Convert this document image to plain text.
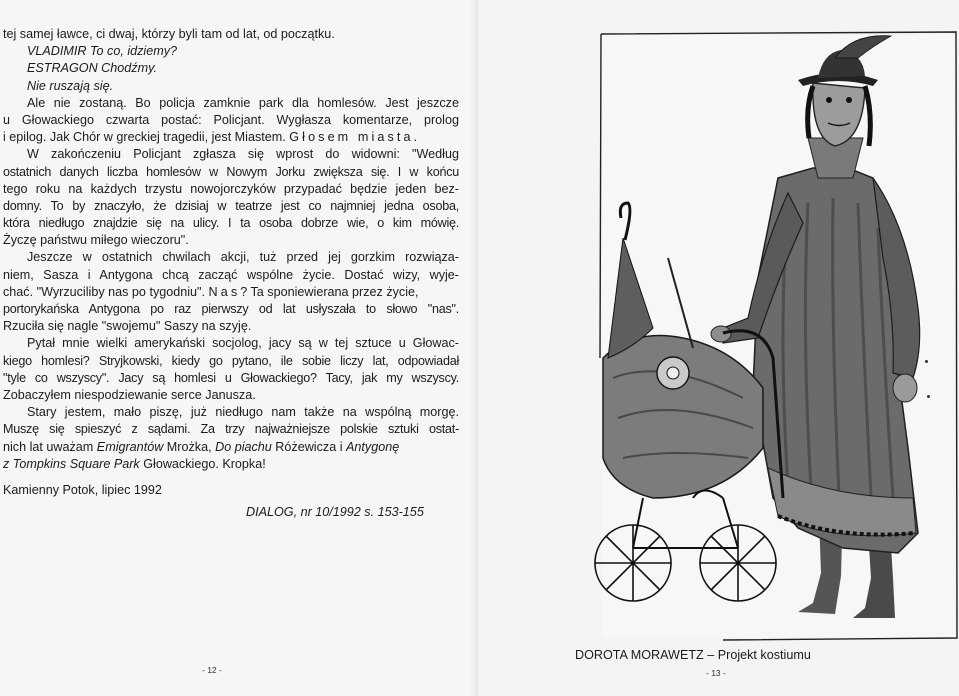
tej samej ławce, ci dwaj, którzy byli tam od lat, od początku.
VLADIMIR To co, idziemy?
ESTRAGON Chodźmy.
Nie ruszają się.
Ale nie zostaną. Bo policja zamknie park dla homlesów. Jest jeszcze
u Głowackiego czwarta postać: Policjant. Wygłasza komentarze, prolog
i epilog. Jak Chór w greckiej tragedii, jest Miastem. Głosem miasta.
W zakończeniu Policjant zgłasza się wprost do widowni: "Według
ostatnich danych liczba homlesów w Nowym Jorku zwiększa się. I w końcu
tego roku na każdych trzystu nowojorczyków przypadać będzie jeden bez-
domny. To by znaczyło, że dzisiaj w teatrze jest co najmniej jedna osoba,
która niedługo znajdzie się na ulicy. I ta osoba dobrze wie, o kim mówię.
Życzę państwu miłego wieczoru".
Jeszcze w ostatnich chwilach akcji, tuż przed jej gorzkim rozwiąza-
niem, Sasza i Antygona chcą zacząć wspólne życie. Dostać wizy, wyje-
chać. "Wyrzuciliby nas po tygodniu". Nas? Ta sponiewierana przez życie,
portorykańska Antygona po raz pierwszy od lat usłyszała to słowo "nas".
Rzuciła się nagle "swojemu" Saszy na szyję.
Pytał mnie wielki amerykański socjolog, jacy są w tej sztuce u Głowac-
kiego homlesi? Stryjkowski, kiedy go pytano, ile sobie liczy lat, odpowiadał
"tyle co wszyscy". Jacy są homlesi u Głowackiego? Tacy, jak my wszyscy.
Zobaczyłem niespodziewanie serce Janusza.
Stary jestem, mało piszę, już niedługo nam także na wspólną morgę.
Muszę się spieszyć z sądami. Za trzy najważniejsze polskie sztuki ostat-
nich lat uważam Emigrantów Mrożka, Do piachu Różewicza i Antygonę
z Tompkins Square Park Głowackiego. Kropka!
Kamienny Potok, lipiec 1992
DIALOG, nr 10/1992 s. 153-155
- 12 -
DOROTA MORAWETZ – Projekt kostiumu
- 13 -
